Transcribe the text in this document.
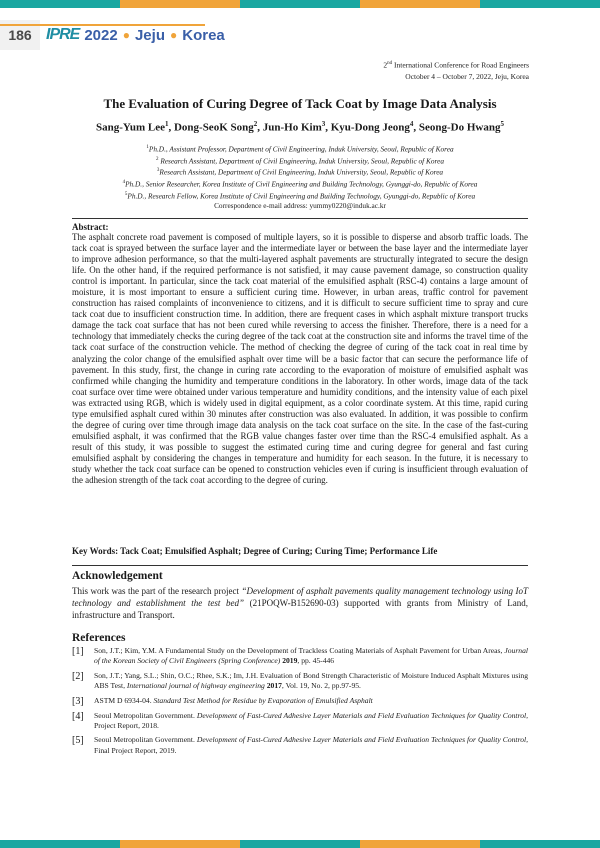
186 IPRE 2022 ● Jeju ● Korea
2nd International Conference for Road Engineers
October 4 – October 7, 2022, Jeju, Korea
The Evaluation of Curing Degree of Tack Coat by Image Data Analysis
Sang-Yum Lee$^1$, Dong-SeoK Song$^2$, Jun-Ho Kim$^3$, Kyu-Dong Jeong$^4$, Seong-Do Hwang$^5$
$^1$Ph.D., Assistant Professor, Department of Civil Engineering, Induk University, Seoul, Republic of Korea
$^2$ Research Assistant, Department of Civil Engineering, Induk University, Seoul, Republic of Korea
$^3$Research Assistant, Department of Civil Engineering, Induk University, Seoul, Republic of Korea
$^4$Ph.D., Senior Researcher, Korea Institute of Civil Engineering and Building Technology, Gyunggi-do, Republic of Korea
$^5$Ph.D., Research Fellow, Korea Institute of Civil Engineering and Building Technology, Gyunggi-do, Republic of Korea
Correspondence e-mail address: yummy0220@induk.ac.kr
Abstract:
The asphalt concrete road pavement is composed of multiple layers, so it is possible to disperse and absorb traffic loads. The tack coat is sprayed between the surface layer and the intermediate layer or between the base layer and the intermediate layer to improve adhesion performance, so that the multi-layered asphalt pavements are structurally integrated to secure the design life. On the other hand, if the required performance is not satisfied, it may cause pavement damage, so construction quality control is important. In particular, since the tack coat material of the emulsified asphalt (RSC-4) contains a large amount of moisture, it is most important to ensure a sufficient curing time. However, in urban areas, traffic control for pavement construction has raised complaints of inconvenience to citizens, and it is difficult to secure sufficient time to spray and cure tack coat due to insufficient construction time. In addition, there are frequent cases in which asphalt mixture transport trucks damage the tack coat surface that has not been cured while reversing to access the finisher. Therefore, there is a need for a technology that immediately checks the curing degree of the tack coat at the construction site and informs the travel time of the tack coat surface of the construction vehicle. The method of checking the degree of curing of the tack coat in real time by analyzing the color change of the emulsified asphalt over time will be a basic factor that can secure the performance life of pavement. In this study, first, the change in curing rate according to the evaporation of moisture of emulsified asphalt was confirmed while changing the humidity and temperature conditions in the laboratory. In other words, image data of the tack coat surface over time were obtained under various temperature and humidity conditions, and the intensity value of each pixel was extracted using RGB, which is widely used in digital equipment, as a color coordinate system. At this time, rapid curing type emulsified asphalt cured within 30 minutes after construction was also evaluated. In addition, it was possible to confirm the degree of curing over time through image data analysis on the tack coat surface on the site. In the case of the fast-curing emulsified asphalt, it was confirmed that the RGB value changes faster over time than the RSC-4 emulsified asphalt. As a result of this study, it was possible to suggest the estimated curing time and curing degree for general and fast curing emulsified asphalt by considering the changes in temperature and humidity for each season. In the future, it is necessary to study whether the tack coat surface can be opened to construction vehicles even if curing is insufficient through evaluation of the adhesion strength of the tack coat according to the degree of curing.
Key Words: Tack Coat; Emulsified Asphalt; Degree of Curing; Curing Time; Performance Life
Acknowledgement
This work was the part of the research project “Development of asphalt pavements quality management technology using IoT technology and establishment the test bed” (21POQW-B152690-03) supported with grants from Ministry of Land, infrastructure and Transport.
References
[1]	Son, J.T.; Kim, Y.M. A Fundamental Study on the Development of Trackless Coating Materials of Asphalt Pavement for Urban Areas, Journal of the Korean Society of Civil Engineers (Spring Conference) 2019, pp. 45-446
[2]	Son, J.T.; Yang, S.L.; Shin, O.C.; Rhee, S.K.; Im, J.H. Evaluation of Bond Strength Characteristic of Moisture Induced Asphalt Mixtures using ABS Test, International journal of highway engineering 2017, Vol. 19, No. 2, pp.97-95.
[3]	ASTM D 6934-04. Standard Test Method for Residue by Evaporation of Emulsified Asphalt
[4]	Seoul Metropolitan Government. Development of Fast-Cured Adhesive Layer Materials and Field Evaluation Techniques for Quality Control, Project Report, 2018.
[5]	Seoul Metropolitan Government. Development of Fast-Cured Adhesive Layer Materials and Field Evaluation Techniques for Quality Control, Final Project Report, 2019.
